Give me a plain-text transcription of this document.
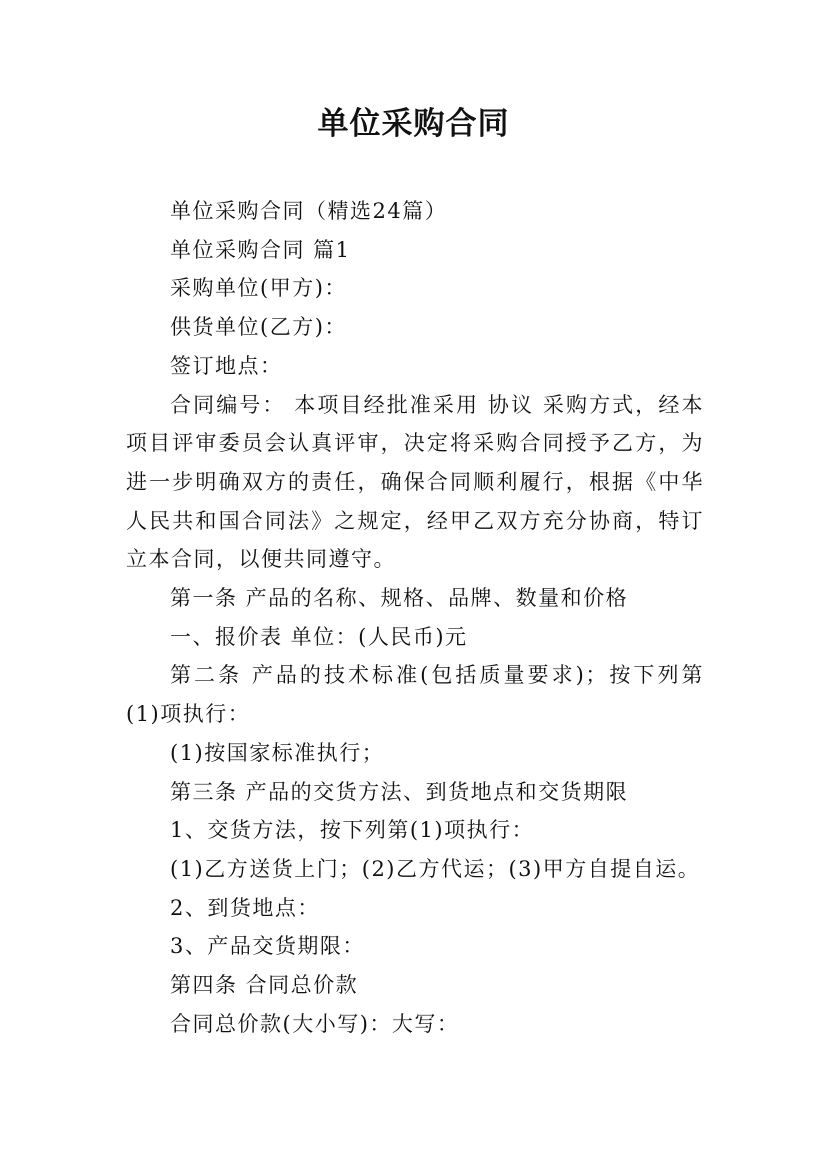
单位采购合同

单位采购合同（精选24篇）

单位采购合同 篇1

采购单位(甲方)：

供货单位(乙方)：

签订地点：

合同编号： 本项目经批准采用 协议 采购方式，经本项目评审委员会认真评审，决定将采购合同授予乙方，为进一步明确双方的责任，确保合同顺利履行，根据《中华人民共和国合同法》之规定，经甲乙双方充分协商，特订立本合同，以便共同遵守。

第一条 产品的名称、规格、品牌、数量和价格

一、报价表 单位：(人民币)元

第二条 产品的技术标准(包括质量要求)；按下列第(1)项执行：

(1)按国家标准执行；

第三条 产品的交货方法、到货地点和交货期限

1、交货方法，按下列第(1)项执行：

(1)乙方送货上门；(2)乙方代运；(3)甲方自提自运。

2、到货地点：

3、产品交货期限：

第四条 合同总价款

合同总价款(大小写)：大写：
